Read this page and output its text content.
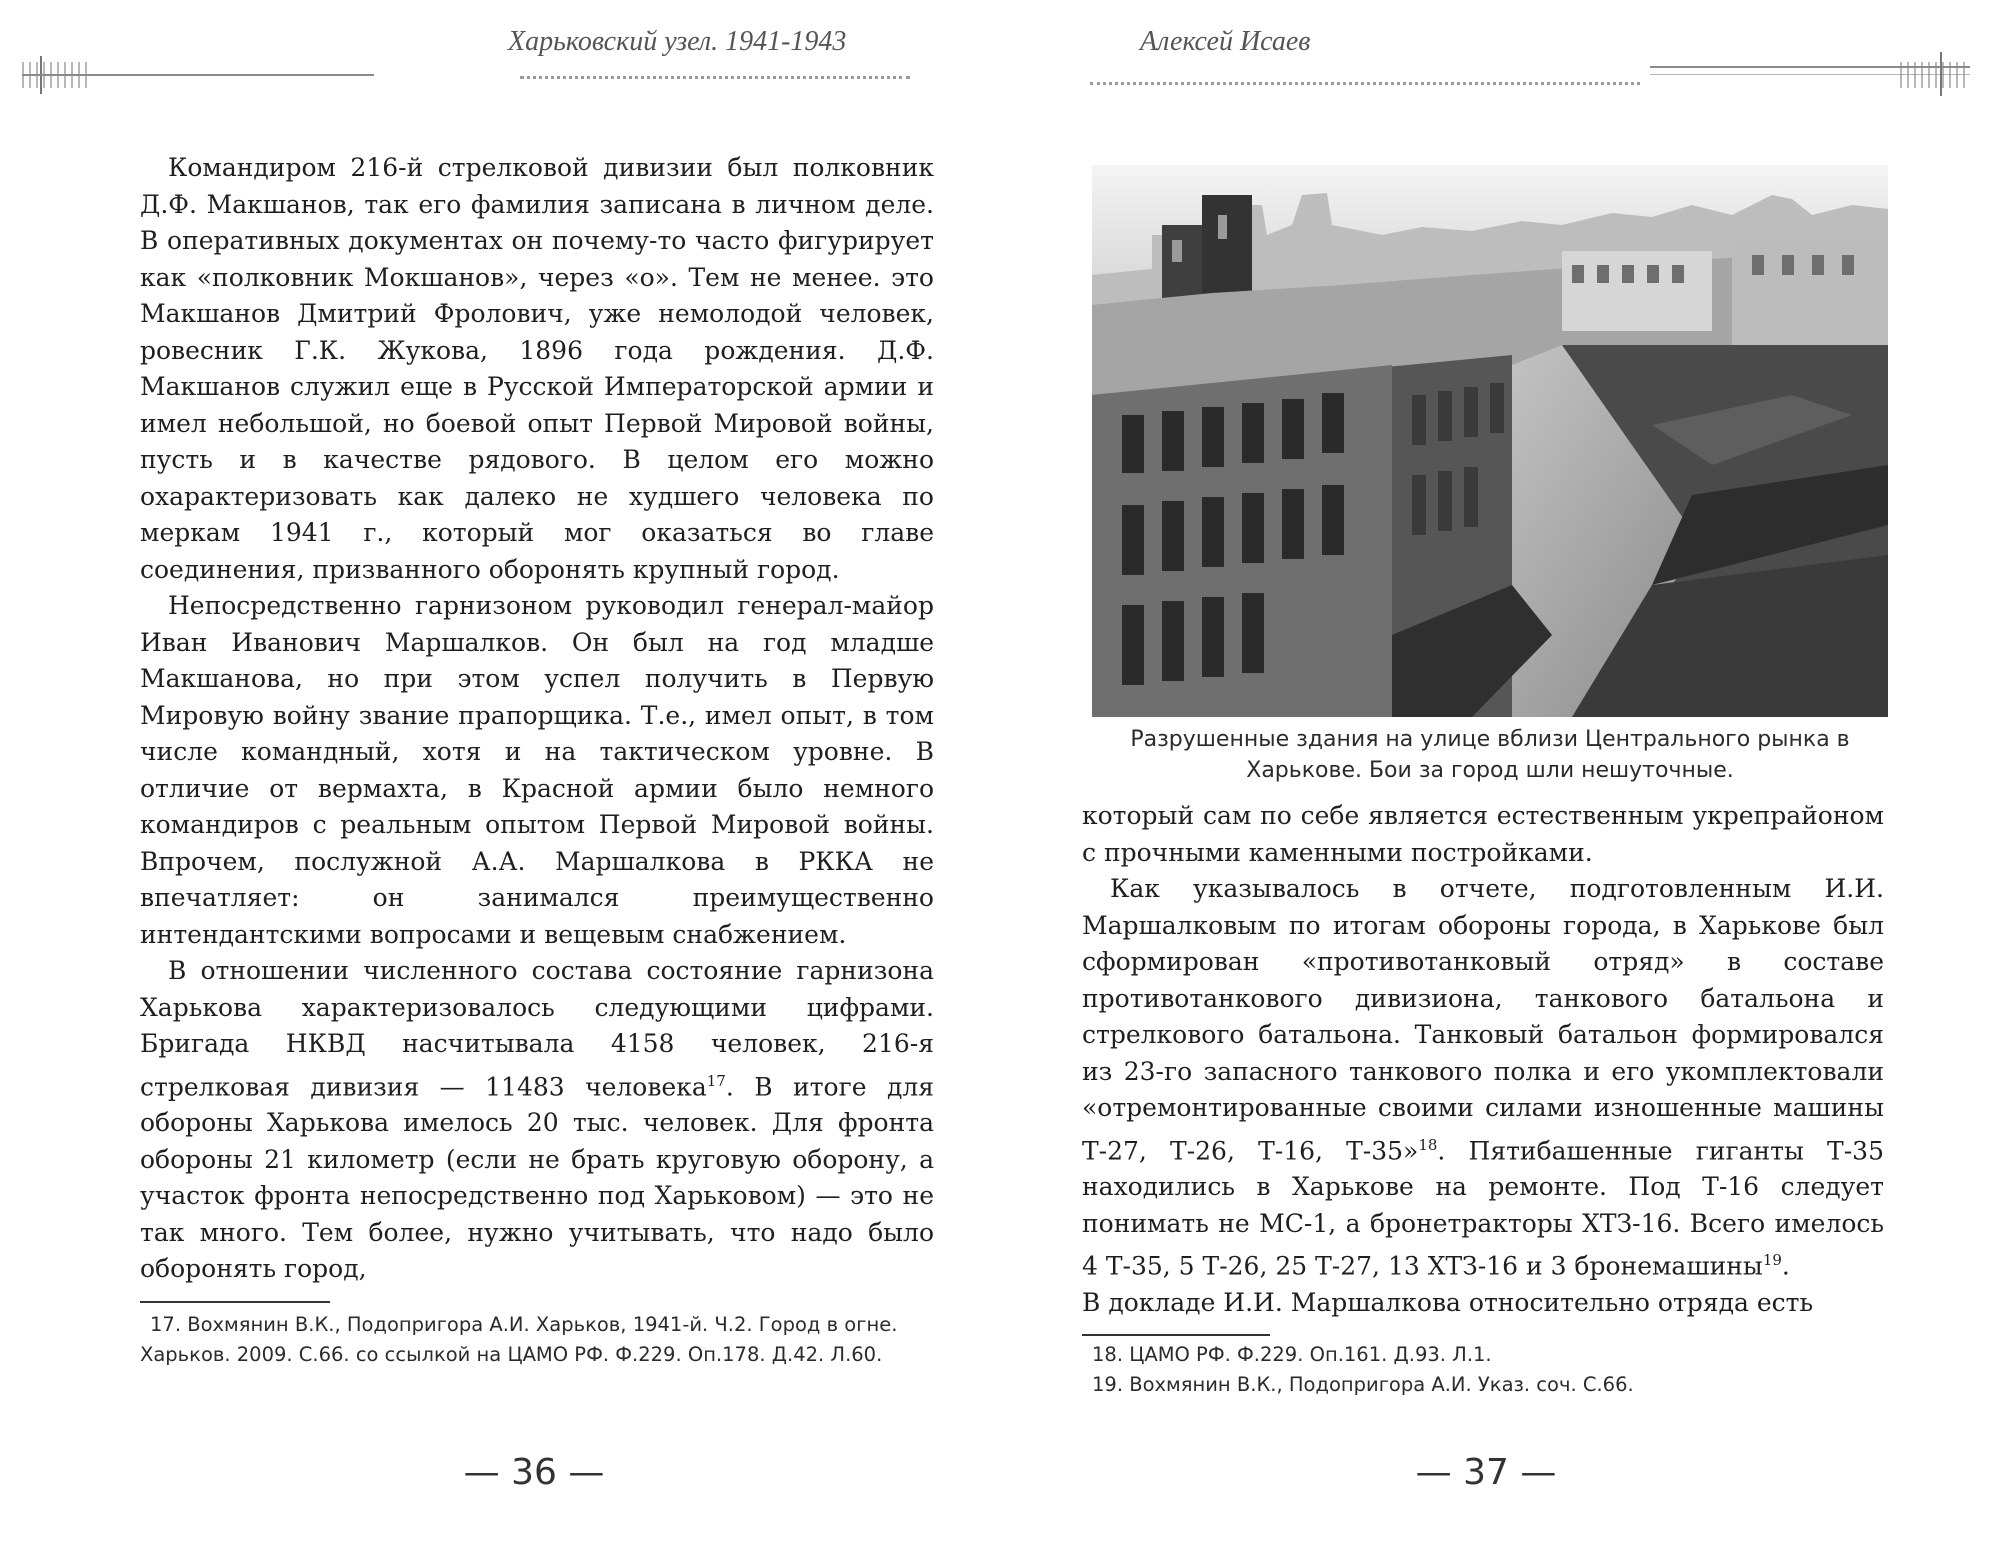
Харьковский узел. 1941-1943

Командиром 216-й стрелковой дивизии был полковник Д.Ф. Макшанов, так его фамилия записана в личном деле. В оперативных документах он почему-то часто фигурирует как «полковник Мокшанов», через «о». Тем не менее. это Макшанов Дмитрий Фролович, уже немолодой человек, ровесник Г.К. Жукова, 1896 года рождения. Д.Ф. Макшанов служил еще в Русской Императорской армии и имел небольшой, но боевой опыт Первой Мировой войны, пусть и в качестве рядового. В целом его можно охарактеризовать как далеко не худшего человека по меркам 1941 г., который мог оказаться во главе соединения, призванного оборонять крупный город.

Непосредственно гарнизоном руководил генерал-майор Иван Иванович Маршалков. Он был на год младше Макшанова, но при этом успел получить в Первую Мировую войну звание прапорщика. Т.е., имел опыт, в том числе командный, хотя и на тактическом уровне. В отличие от вермахта, в Красной армии было немного командиров с реальным опытом Первой Мировой войны. Впрочем, послужной А.А. Маршалкова в РККА не впечатляет: он занимался преимущественно интендантскими вопросами и вещевым снабжением.

В отношении численного состава состояние гарнизона Харькова характеризовалось следующими цифрами. Бригада НКВД насчитывала 4158 человек, 216-я стрелковая дивизия — 11483 человека$^{17}$. В итоге для обороны Харькова имелось 20 тыс. человек. Для фронта обороны 21 километр (если не брать круговую оборону, а участок фронта непосредственно под Харьковом) — это не так много. Тем более, нужно учитывать, что надо было оборонять город,

17. Вохмянин В.К., Подопригора А.И. Харьков, 1941-й. Ч.2. Город в огне. Харьков. 2009. С.66. со ссылкой на ЦАМО РФ. Ф.229. Оп.178. Д.42. Л.60.

— 36 —
Алексей Исаев
Разрушенные здания на улице вблизи Центрального рынка в Харькове. Бои за город шли нешуточные.

который сам по себе является естественным укрепрайоном с прочными каменными постройками.

Как указывалось в отчете, подготовленным И.И. Маршалковым по итогам обороны города, в Харькове был сформирован «противотанковый отряд» в составе противотанкового дивизиона, танкового батальона и стрелкового батальона. Танковый батальон формировался из 23-го запасного танкового полка и его укомплектовали «отремонтированные своими силами изношенные машины Т-27, Т-26, Т-16, Т-35»$^{18}$. Пятибашенные гиганты Т-35 находились в Харькове на ремонте. Под Т-16 следует понимать не МС-1, а бронетракторы ХТЗ-16. Всего имелось 4 Т-35, 5 Т-26, 25 Т-27, 13 ХТЗ-16 и 3 бронемашины$^{19}$.

В докладе И.И. Маршалкова относительно отряда есть

18. ЦАМО РФ. Ф.229. Оп.161. Д.93. Л.1.

19. Вохмянин В.К., Подопригора А.И. Указ. соч. С.66.

— 37 —
